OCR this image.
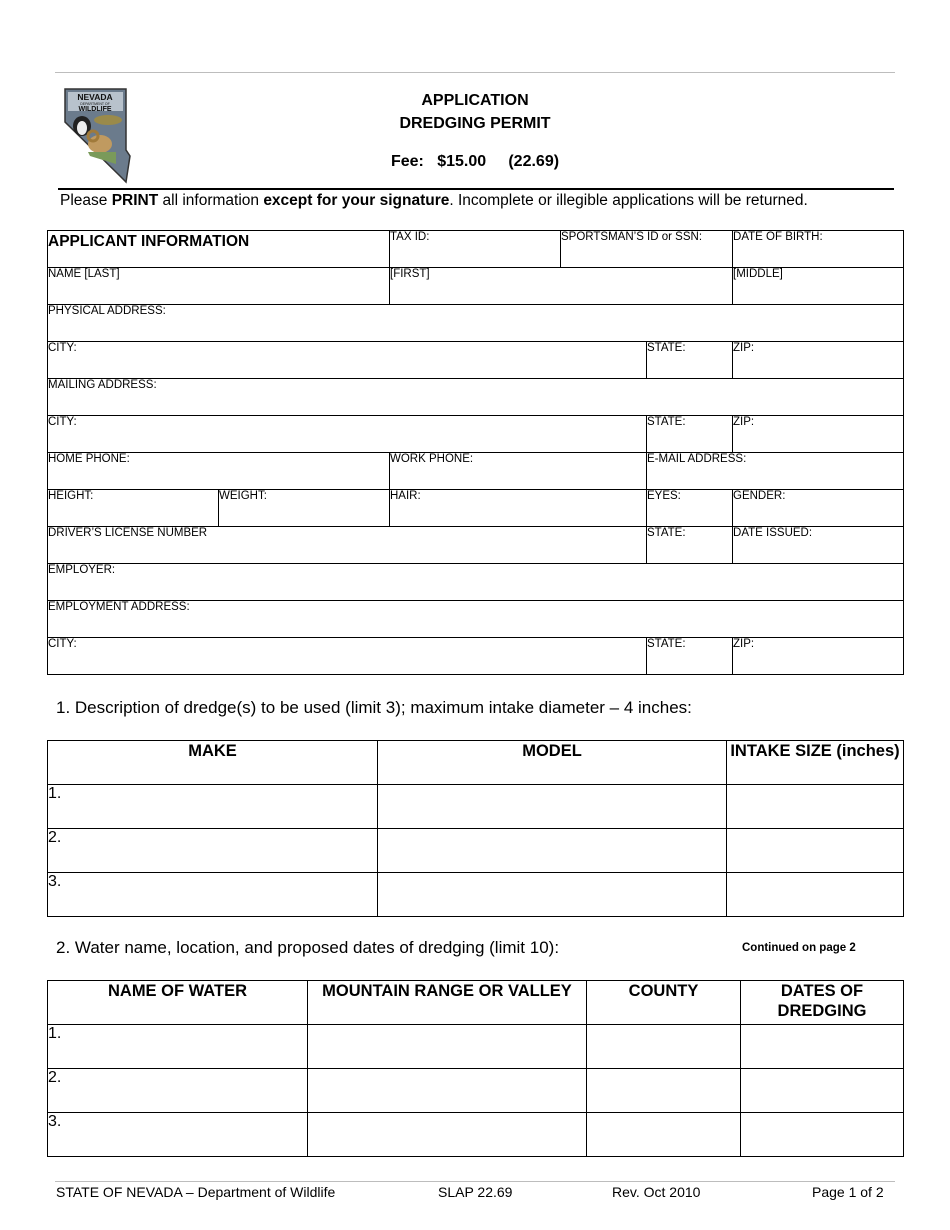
NEVADA
DEPARTMENT OF
WILDLIFE
APPLICATION
DREDGING PERMIT
Fee:   $15.00     (22.69)
Please PRINT all information except for your signature. Incomplete or illegible applications will be returned.
APPLICANT INFORMATION		TAX ID:	SPORTSMAN’S ID or SSN:		DATE OF BIRTH:
NAME [LAST]		[FIRST]			[MIDDLE]
PHYSICAL ADDRESS:					
CITY:				STATE:	ZIP:
MAILING ADDRESS:					
CITY:				STATE:	ZIP:
HOME PHONE:		WORK PHONE:		E-MAIL ADDRESS:	
HEIGHT:	WEIGHT:	HAIR:		EYES:	GENDER:
DRIVER’S LICENSE NUMBER				STATE:	DATE ISSUED:
EMPLOYER:					
EMPLOYMENT ADDRESS:					
CITY:				STATE:	ZIP:
1. Description of dredge(s) to be used (limit 3); maximum intake diameter – 4 inches:
MAKE	MODEL	INTAKE SIZE (inches)
1.		
2.		
3.		
2. Water name, location, and proposed dates of dredging (limit 10):	Continued on page 2
NAME OF WATER	MOUNTAIN RANGE OR VALLEY	COUNTY	DATES OF DREDGING
1.			
2.			
3.			
STATE OF NEVADA – Department of Wildlife	SLAP 22.69	Rev. Oct 2010	Page 1 of 2
